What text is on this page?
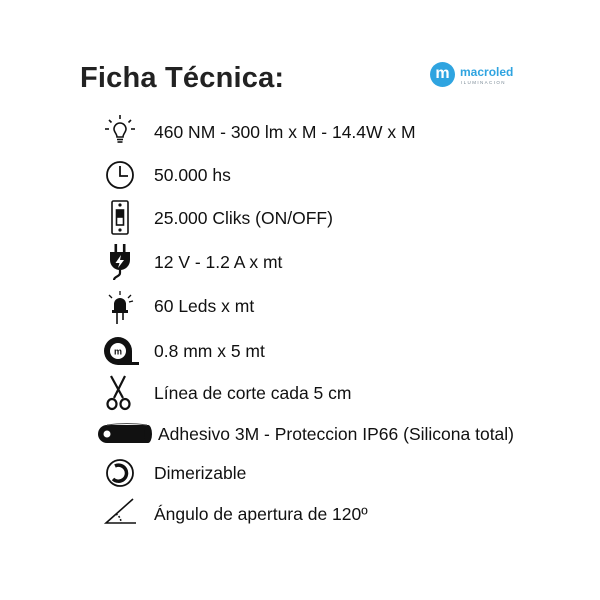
Ficha Técnica:	m macroled
ILUMINACION
460 NM - 300 lm x M - 14.4W x M
50.000 hs
25.000 Cliks (ON/OFF)
12 V - 1.2 A x mt
60 Leds x mt
m 0.8 mm x 5 mt
Línea de corte cada 5 cm
Adhesivo 3M - Proteccion IP66 (Silicona total)
Dimerizable
Ángulo de apertura de 120º
